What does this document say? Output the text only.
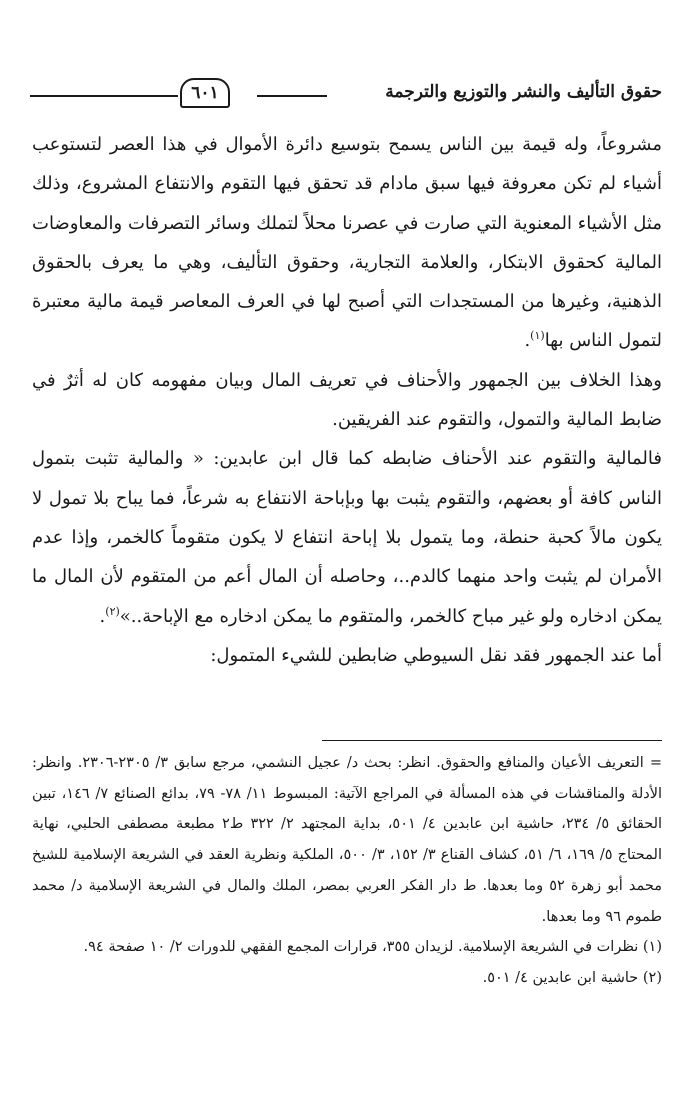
حقوق التأليف والنشر والتوزيع والترجمة
٦٠١

مشروعاً، وله قيمة بين الناس يسمح بتوسيع دائرة الأموال في هذا العصر لتستوعب أشياء لم تكن معروفة فيها سبق مادام قد تحقق فيها التقوم والانتفاع المشروع، وذلك مثل الأشياء المعنوية التي صارت في عصرنا محلاً لتملك وسائر التصرفات والمعاوضات المالية كحقوق الابتكار، والعلامة التجارية، وحقوق التأليف، وهي ما يعرف بالحقوق الذهنية، وغيرها من المستجدات التي أصبح لها في العرف المعاصر قيمة مالية معتبرة لتمول الناس بها$^{(١)}$.

وهذا الخلاف بين الجمهور والأحناف في تعريف المال وبيان مفهومه كان له أثرٌ في ضابط المالية والتمول، والتقوم عند الفريقين.

فالمالية والتقوم عند الأحناف ضابطه كما قال ابن عابدين: « والمالية تثبت بتمول الناس كافة أو بعضهم، والتقوم يثبت بها وبإباحة الانتفاع به شرعاً، فما يباح بلا تمول لا يكون مالاً كحبة حنطة، وما يتمول بلا إباحة انتفاع لا يكون متقوماً كالخمر، وإذا عدم الأمران لم يثبت واحد منهما كالدم..، وحاصله أن المال أعم من المتقوم لأن المال ما يمكن ادخاره ولو غير مباح كالخمر، والمتقوم ما يمكن ادخاره مع الإباحة..»$^{(٢)}$.

أما عند الجمهور فقد نقل السيوطي ضابطين للشيء المتمول:

=التعريف الأعيان والمنافع والحقوق. انظر: بحث د/ عجيل النشمي، مرجع سابق ٣/ ٢٣٠٥-٢٣٠٦. وانظر: الأدلة والمناقشات في هذه المسألة في المراجع الآتية: المبسوط ١١/ ٧٨- ٧٩، بدائع الصنائع ٧/ ١٤٦، تبين الحقائق ٥/ ٢٣٤، حاشية ابن عابدين ٤/ ٥٠١، بداية المجتهد ٢/ ٣٢٢ ط٢ مطبعة مصطفى الحلبي، نهاية المحتاج ٥/ ١٦٩، ٦/ ٥١، كشاف القناع ٣/ ١٥٢، ٣/ ٥٠٠، الملكية ونظرية العقد في الشريعة الإسلامية للشيخ محمد أبو زهرة ٥٢ وما بعدها. ط دار الفكر العربي بمصر، الملك والمال في الشريعة الإسلامية د/ محمد طموم ٩٦ وما بعدها.

(١) نظرات في الشريعة الإسلامية. لزيدان ٣٥٥، قرارات المجمع الفقهي للدورات ٢/ ١٠ صفحة ٩٤.

(٢) حاشية ابن عابدين ٤/ ٥٠١.
